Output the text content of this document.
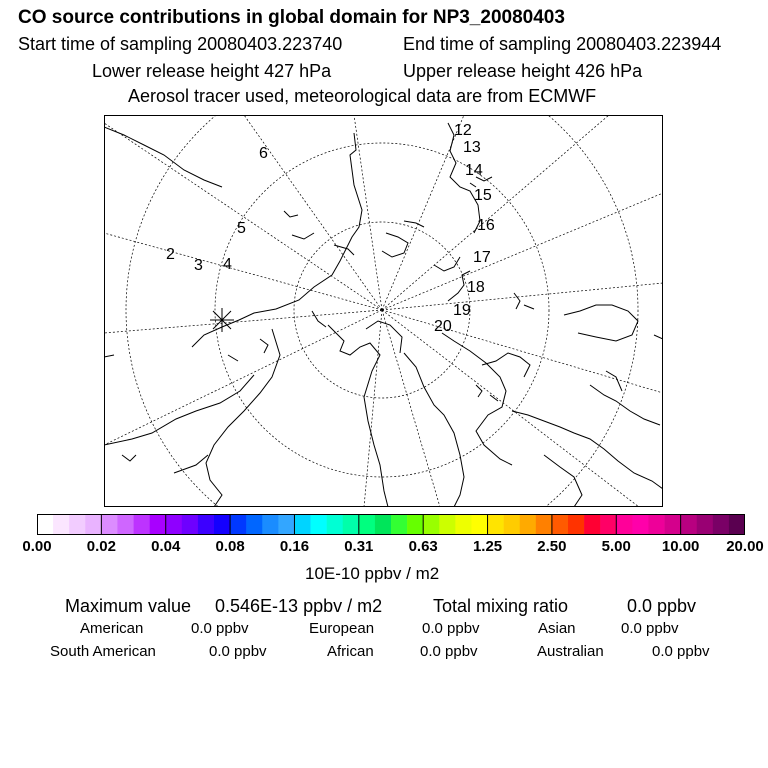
CO source contributions in global domain for NP3_20080403
Start time of sampling 20080403.223740	End time of sampling 20080403.223944
Lower release height 427 hPa	Upper release height 426 hPa
Aerosol tracer used, meteorological data are from ECMWF
2
3 4
5
6
12
13
14
15
16
17
18
19
20
0.00 0.02 0.04 0.08 0.16 0.31 0.63 1.25 2.50 5.00 10.00 20.00
10E-10 ppbv / m2
Maximum value 0.546E-13 ppbv / m2	Total mixing ratio	0.0 ppbv
American	0.0 ppbv	European	0.0 ppbv	Asian	0.0 ppbv
South American	0.0 ppbv	African	0.0 ppbv	Australian	0.0 ppbv
